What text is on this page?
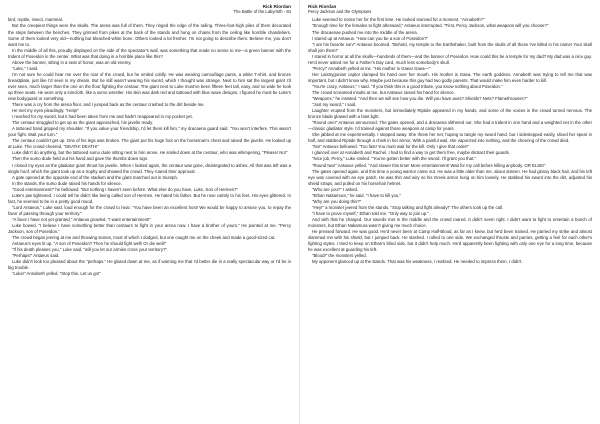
Rick Riordan
The Battle of the Labyrinth - 84

bird, reptile, insect, mammal.

But the creepiest things were the skulls. The arena was full of them. They ringed the edge of the railing. Three-foot-high piles of them decorated the steps between the benches. They grinned from pikes at the back of the stands and hung on chains from the ceiling like horrible chandeliers. Some of them looked very old—nothing but bleached-white bone. Others looked a lot fresher. I'm not going to describe them. Believe me, you don't want me to.

In the middle of all this, proudly displayed on the side of the spectator's wall, was something that made no sense to me—a green banner with the trident of Poseidon in the center. What was that doing in a horrible place like this?

Above the banner, sitting in a seat of honor, was an old enemy.

"Luke," I said.

I'm not sure he could hear me over the roar of the crowd, but he smiled coldly. He was wearing camouflage pants, a white T-shirt, and bronze breastplate, just like I'd seen in my dream. But he still wasn't wearing his sword, which I thought was strange. Next to him sat the largest giant I'd ever seen, much larger than the one on the floor fighting the centaur. The giant next to Luke must've been fifteen feet tall, easy, and so wide he took up three seats. He wore only a loincloth, like a sumo wrestler. His skin was dark red and tattooed with blue wave designs. I figured he must be Luke's new bodyguard or something.

There was a cry from the arena floor, and I jumped back as the centaur crashed to the dirt beside me.

He met my eyes pleadingly. "Help!"

I reached for my sword, but it had been taken from me and hadn't reappeared in my pocket yet.

The centaur struggled to get up as the giant approached, his javelin ready.

A tattooed hand gripped my shoulder. "If you value your friendship, I'd let them kill him," my dracaena guard said. "You won't interfere. This wasn't your fight. Wait your turn."

The centaur couldn't get up. One of his legs was broken. The giant put his huge foot on the horseman's chest and raised the javelin. He looked up at Luke. The crowd cheered, "DEATH! DEATH!"

Luke didn't do anything, but the tattooed sumo dude sitting next to him arose. He smiled down at the centaur, who was whimpering, "Please! No!"

Then the sumo dude held out his hand and gave the thumbs down sign.

I closed my eyes as the gladiator giant thrust his javelin. When I looked again, the centaur was gone, disintegrated to ashes. All that was left was a single hoof, which the giant took up as a trophy and showed the crowd. They roared their approval.

A gate opened at the opposite end of the stadium and the giant marched out in triumph.

In the stands, the sumo dude raised his hands for silence.

"Good entertainment!" he bellowed. "But nothing I haven't seen before. What else do you have, Luke, Son of Hermes?"

Luke's jaw tightened. I could tell he didn't like being called son of Hermes. He hated his father. But he rose calmly to his feet. His eyes glittered. In fact, he seemed to be in a pretty good mood.

"Lord Antaeus," Luke said, loud enough for the crowd to hear. "You have been an excellent host! We would be happy to amuse you, to repay the favor of passing through your territory."

"A favor I have not yet granted," Antaeus growled. "I want entertainment!"

Luke bowed. "I believe I have something better than centaurs to fight in your arena now. I have a brother of yours." He pointed at me. "Percy Jackson, son of Poseidon."

The crowd began jeering at me and throwing stones, most of which I dodged, but one caught me on the cheek and made a good-sized cut.

Antaeus's eyes lit up. "A son of Poseidon? Then he should fight well! Or die well!"

"If his death pleases you," Luke said, "will you let our armies cross your territory?"

"Perhaps!" Antaeus said.

Luke didn't look too pleased about the "perhaps." He glared down at me, as if warning me that I'd better die in a really spectacular way or I'd be in big trouble.

"Luke!" Annabeth yelled. "Stop this. Let us go!"

Rick Riordan
Percy Jackson and the Olympians

Luke seemed to notice her for the first time. He looked stunned for a moment. "Annabeth?"

"Enough time for the females to fight afterward," Antaeus interrupted. "First, Percy Jackson, what weapons will you choose?"

The dracaenae pushed me into the middle of the arena.

I stared up at Antaeus. "How can you be a son of Poseidon?"

"I am his favorite son!" Antaeus boomed. "Behold, my temple to the Earthshaker, built from the skulls of all those I've killed in his name! Your skull shall join them!"

I stared in horror at all the skulls—hundreds of them—and the banner of Poseidon. How could this be a temple for my dad? My dad was a nice guy. He'd never asked me for a Father's Day card, much less somebody's skull.

"Percy!" Annabeth yelled at me. "His mother is Gaea! Gaea—"

Her Laistrygonian captor clamped his hand over her mouth. His mother is Gaea. The earth goddess. Annabeth was trying to tell me that was important, but I didn't know why. Maybe just because this guy had two godly parents. That would make him even harder to kill.

"You're crazy, Antaeus," I said. "If you think this is a good tribute, you know nothing about Poseidon."

The crowd screamed insults at me, but Antaeus raised his hand for silence.

"Weapons," he insisted. "And then we will see how you die. Will you have axes? Shields? Nets? Flamethrowers?"

"Just my sword," I said.

Laughter erupted from the monsters, but immediately Riptide appeared in my hands, and some of the voices in the crowd turned nervous. The bronze blade glowed with a faint light.

"Round one!" Antaeus announced. The gates opened, and a dracaena slithered out. She had a trident in one hand and a weighted net in the other—classic gladiator style. I'd trained against those weapons at camp for years.

She jabbed at me experimentally. I stepped away. She threw her net, hoping to tangle my sword hand, but I sidestepped easily, sliced her spear in half, and stabbed Riptide through a chink in her armor. With a painful wail, she vaporized into nothing, and the cheering of the crowd died.

"No!" Antaeus bellowed. "Too fast! You must wait for the kill. Only I give that order!"

I glanced over at Annabeth and Rachel. I had to find a way to get them free, maybe distract their guards.

"Nice job, Percy," Luke smiled. "You've gotten better with the sword. I'll grant you that."

"Round two!" Antaeus yelled. "And slower this time! More entertainment! Wait for my call before killing anybody. OR ELSE!"

The gates opened again, and this time a young warrior came out. He was a little older than me, about sixteen. He had glossy black hair, and his left eye was covered with an eye patch. He was thin and wiry so his Greek armor hung on him loosely. He stabbed his sword into the dirt, adjusted his shield straps, and pulled on his horsehair helmet.

"Who are you?" I asked.

"Ethan Nakamura," he said. "I have to kill you."

"Why are you doing this?"

"Hey!" a monster jeered from the stands. "Stop talking and fight already!" The others took up the call.

"I have to prove myself," Ethan told me. "Only way to join up."

And with that he charged. Our swords met in the middle and the crowd roared. It didn't seem right. I didn't want to fight to entertain a bunch of monsters, but Ethan Nakamura wasn't giving me much choice.

He pressed forward. He was good. He'd never been at Camp Half-Blood, as far as I knew, but he'd been trained. He parried my strike and almost slammed me with his shield, but I jumped back. He slashed. I rolled to one side. We exchanged thrusts and parries, getting a feel for each other's fighting styles. I tried to keep on Ethan's blind side, but it didn't help much. He'd apparently been fighting with only one eye for a long time, because he was excellent at guarding his left.

"Blood!" the monsters yelled.

My opponent glanced up at the stands. That was his weakness, I realized. He needed to impress them. I didn't.
